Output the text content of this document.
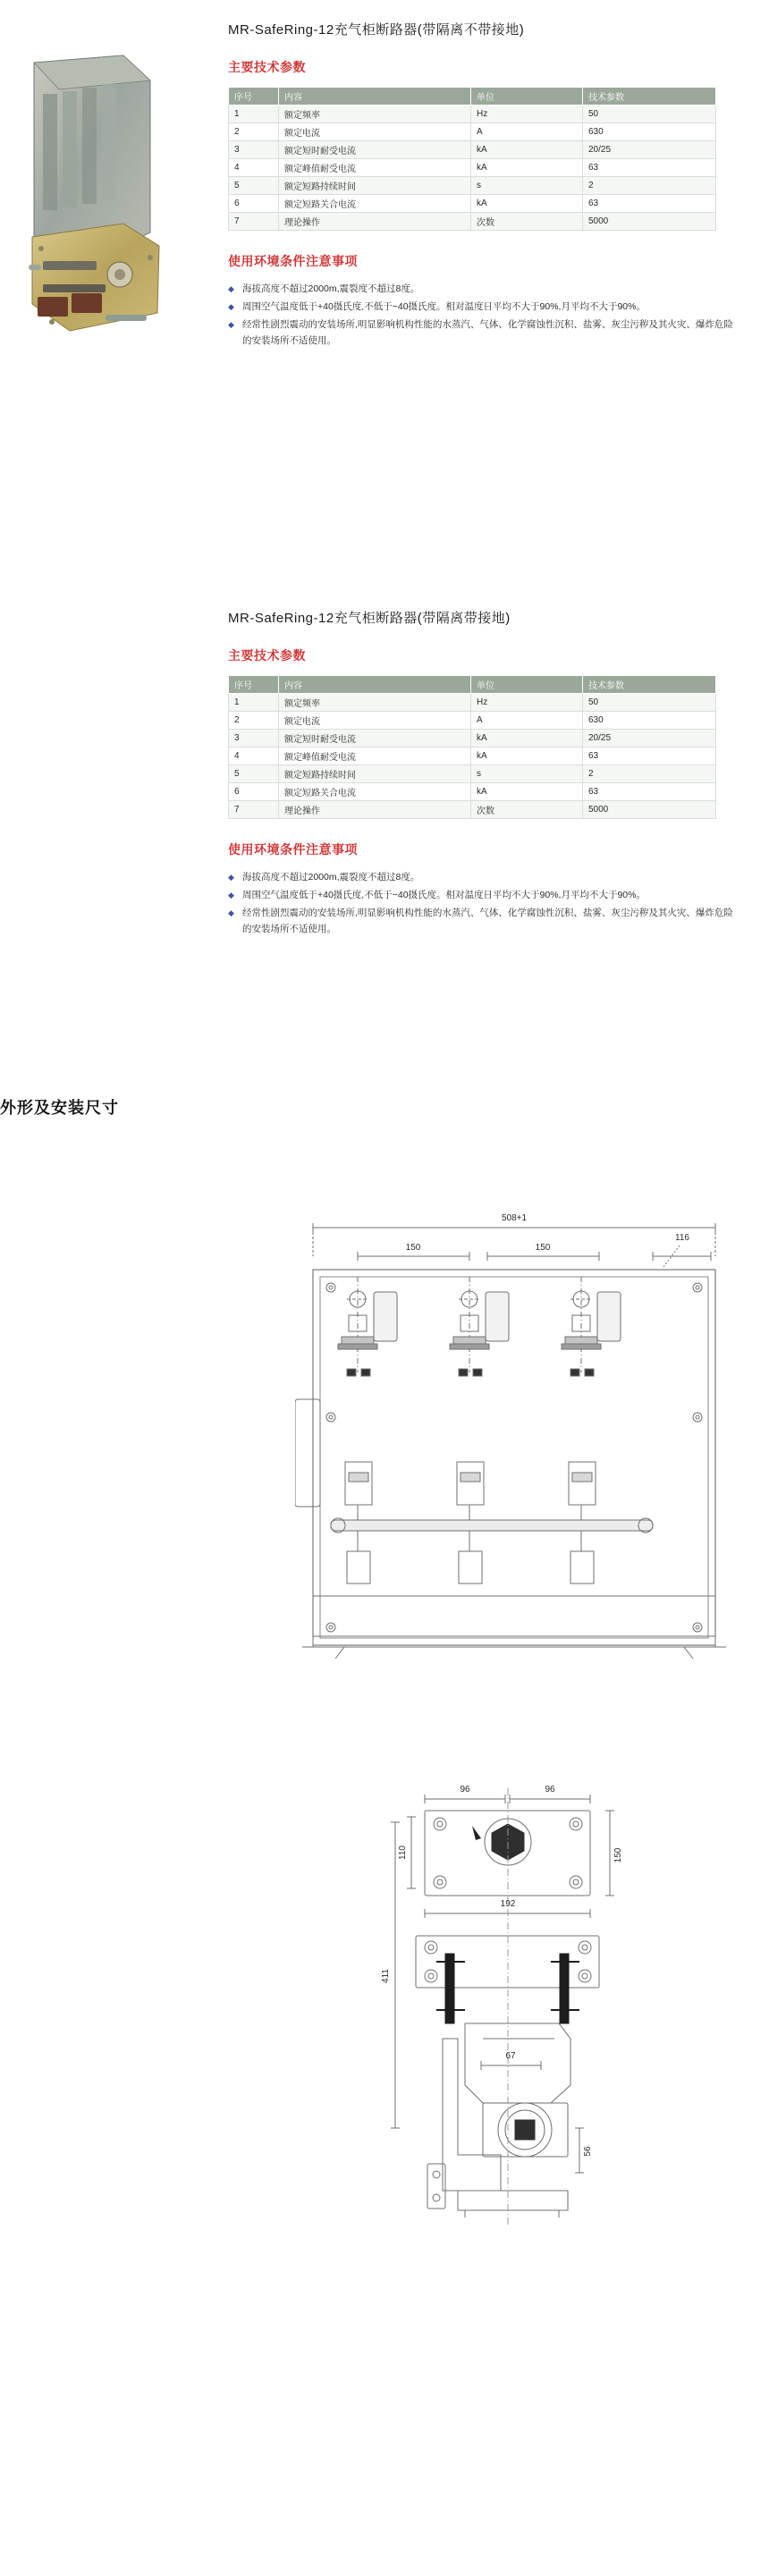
MR-SafeRing-12充气柜断路器(带隔离不带接地)
主要技术参数
序号	内容	单位	技术参数
1	额定频率	Hz	50
2	额定电流	A	630
3	额定短时耐受电流	kA	20/25
4	额定峰值耐受电流	kA	63
5	额定短路持续时间	s	2
6	额定短路关合电流	kA	63
7	理论操作	次数	5000
使用环境条件注意事项
◆ 海拔高度不超过2000m,震裂度不超过8度。
◆ 周围空气温度低于+40摄氏度,不低于−40摄氏度。相对温度日平均不大于90%,月平均不大于90%。
◆ 经常性剧烈震动的安装场所,明显影响机构性能的水蒸汽、气体、化学腐蚀性沉积、盐雾、灰尘污秽及其火灾、爆炸危险的安装场所不适使用。
MR-SafeRing-12充气柜断路器(带隔离带接地)
主要技术参数
序号	内容	单位	技术参数
1	额定频率	Hz	50
2	额定电流	A	630
3	额定短时耐受电流	kA	20/25
4	额定峰值耐受电流	kA	63
5	额定短路持续时间	s	2
6	额定短路关合电流	kA	63
7	理论操作	次数	5000
使用环境条件注意事项
◆ 海拔高度不超过2000m,震裂度不超过8度。
◆ 周围空气温度低于+40摄氏度,不低于−40摄氏度。相对温度日平均不大于90%,月平均不大于90%。
◆ 经常性剧烈震动的安装场所,明显影响机构性能的水蒸汽、气体、化学腐蚀性沉积、盐雾、灰尘污秽及其火灾、爆炸危险的安装场所不适使用。
外形及安装尺寸
508+1
150	150
116
96	96
192
67
110	150
411
56
